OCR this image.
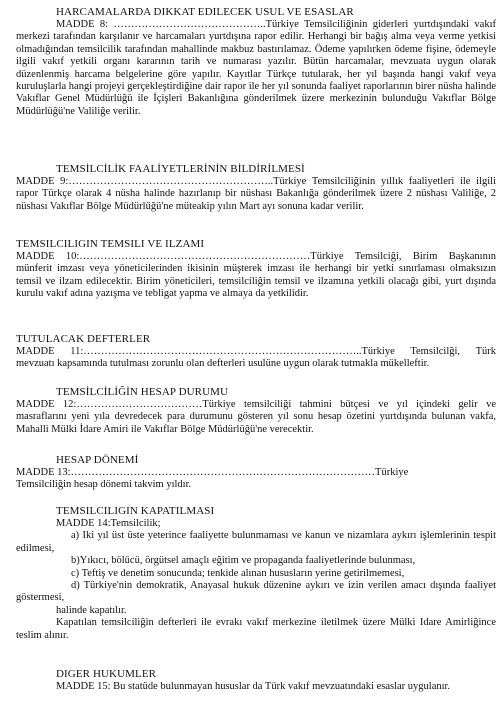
HARCAMALARDA DIKKAT EDILECEK USUL VE ESASLAR

MADDE 8: ……………………………………..Türkiye Temsilciliğinin giderleri yurtdışındaki vakıf merkezi tarafından karşılanır ve harcamaları yurtdışına rapor edilir. Herhangi bir bağış alma veya verme yetkisi olmadığından temsilcilik tarafından mahallinde makbuz bastırılamaz. Ödeme yapılırken ödeme fişine, ödemeyle ilgili vakıf yetkili organı kararının tarih ve numarası yazılır. Bütün harcamalar, mevzuata uygun olarak düzenlenmiş harcama belgelerine göre yapılır. Kayıtlar Türkçe tutularak, her yıl başında hangi vakıf veya kuruluşlarla hangi projeyi gerçekleştirdiğine dair rapor ile her yıl sonunda faaliyet raporlarının birer nüsha halinde Vakıflar Genel Müdürlüğü ile İçişleri Bakanlığına gönderilmek üzere merkezinin bulunduğu Vakıflar Bölge Müdürlüğü'ne Valiliğe verilir.

TEMSİLCİLİK FAALİYETLERİNİN BİLDİRİLMESİ

MADDE 9:…………………………………………………..Türkiye Temsilciliğinin yıllık faaliyetleri ile ilgili rapor Türkçe olarak 4 nüsha halinde hazırlanıp bir nüshası Bakanlığa gönderilmek üzere 2 nüshası Valiliğe, 2 nüshası Vakıflar Bölge Müdürlüğü'ne müteakip yılın Mart ayı sonuna kadar verilir.

TEMSILCILIGIN TEMSILI VE ILZAMI

MADDE 10:…………………………………………………………Türkiye Temsilciği, Birim Başkanının münferit imzası veya yöneticilerinden ikisinin müşterek imzası ile herhangi bir yetki sınırlaması olmaksızın temsil ve ilzam edilecektir. Birim yöneticileri, temsilciliğin temsil ve ilzamına yetkili olacağı gibi, yurt dışında kurulu vakıf adına yazışma ve tebligat yapma ve almaya da yetkilidir.

TUTULACAK DEFTERLER

MADDE 11:……………………………………………………………………..Türkiye Temsilcilği, Türk mevzuatı kapsamında tutulması zorunlu olan defterleri usulüne uygun olarak tutmakla mükelleftir.

TEMSİLCİLİĞİN HESAP DURUMU

MADDE 12:………………………………Türkiye temsilciliği tahmini bütçesi ve yıl içindeki gelir ve masraflarını yeni yıla devredecek para durumunu gösteren yıl sonu hesap özetini yurtdışında bulunan vakfa, Mahalli Mülki İdare Amiri ile Vakıflar Bölge Müdürlüğü'ne verecektir.

HESAP DÖNEMİ

MADDE 13:……………………………………………………………………………Türkiye

Temsilciliğin hesap dönemi takvim yıldır.

TEMSILCILIGIN KAPATILMASI

MADDE 14:Temsilcilik;

a) Iki yıl üst üste yeterince faaliyette bulunmaması ve kanun ve nizamlara aykırı işlemlerinin tespit edilmesi,

b)Yıkıcı, bölücü, örgütsel amaçlı eğitim ve propaganda faaliyetlerinde bulunması,

c) Teftiş ve denetim sonucunda; tenkide alınan hususların yerine getirilmemesi,

d) Türkiye'nin demokratik, Anayasal hukuk düzenine aykırı ve izin verilen amacı dışında faaliyet göstermesi,

halinde kapatılır.

Kapatılan temsilciliğin defterleri ile evrakı vakıf merkezine iletilmek üzere Mülki Idare Amirliğince teslim alınır.

DIGER HUKUMLER

MADDE 15: Bu statüde bulunmayan hususlar da Türk vakıf mevzuatındaki esaslar uygulanır.
